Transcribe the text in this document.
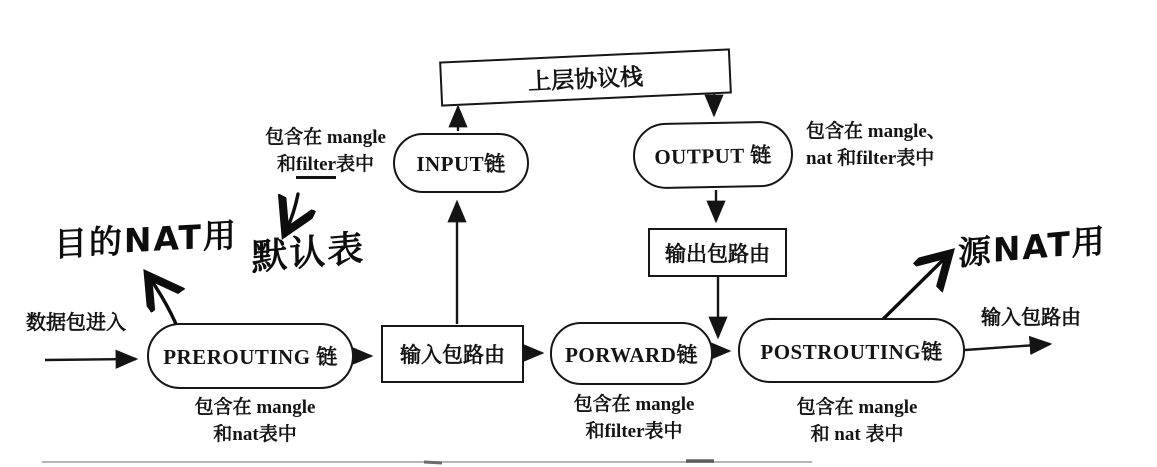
上层协议栈
INPUT链	OUTPUT 链
输出包路由
PREROUTING 链	输入包路由	PORWARD链	POSTROUTING链
包含在 mangle
和filter表中
包含在 mangle、
nat 和filter表中
包含在 mangle
和nat表中
包含在 mangle
和filter表中
包含在 mangle
和 nat 表中
数据包进入	输入包路由
目的NAT用 默认表	源NAT用
